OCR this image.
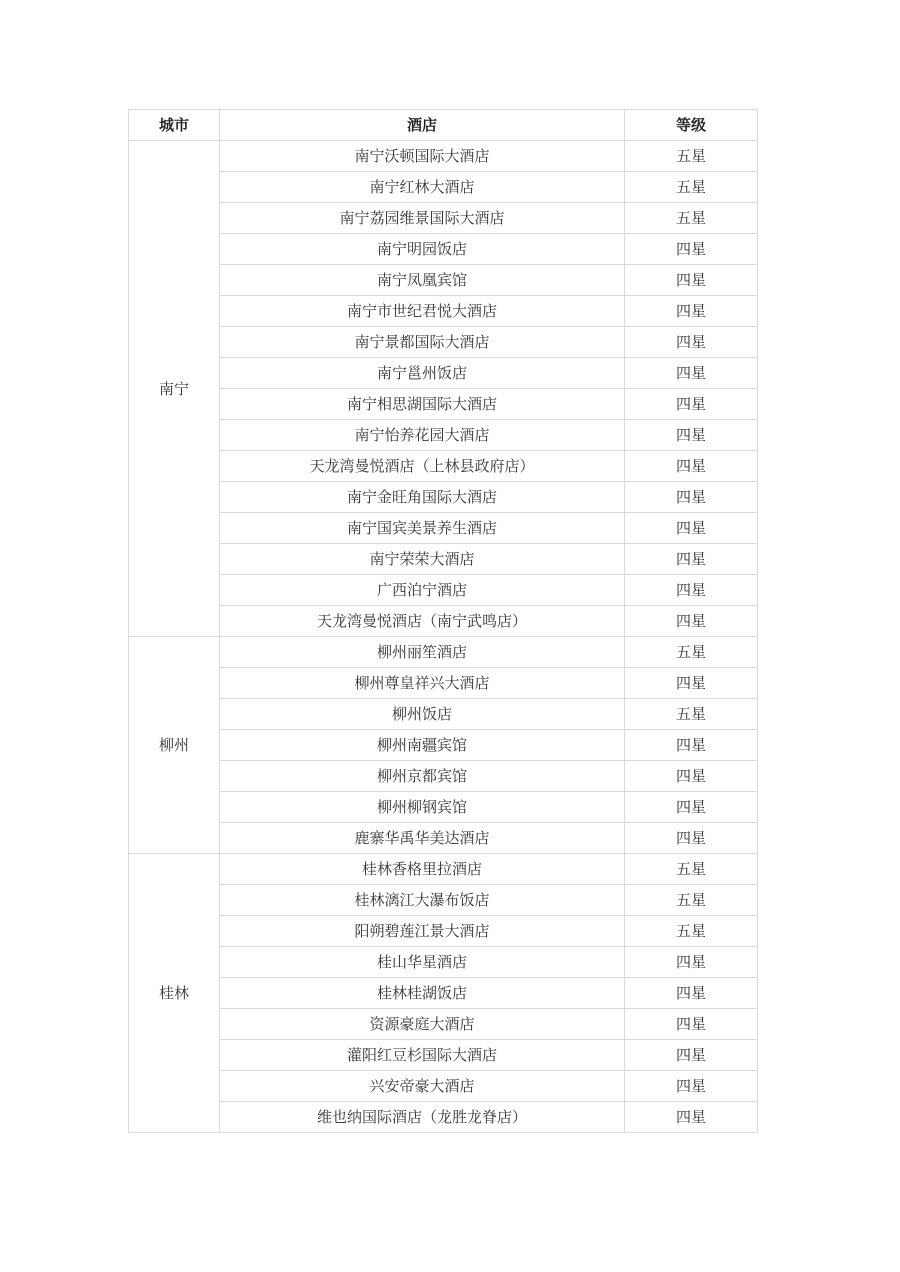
城市	酒店	等级
南宁	南宁沃顿国际大酒店	五星
	南宁红林大酒店	五星
	南宁荔园维景国际大酒店	五星
	南宁明园饭店	四星
	南宁凤凰宾馆	四星
	南宁市世纪君悦大酒店	四星
	南宁景都国际大酒店	四星
	南宁邕州饭店	四星
	南宁相思湖国际大酒店	四星
	南宁怡养花园大酒店	四星
	天龙湾曼悦酒店（上林县政府店）	四星
	南宁金旺角国际大酒店	四星
	南宁国宾美景养生酒店	四星
	南宁荣荣大酒店	四星
	广西泊宁酒店	四星
	天龙湾曼悦酒店（南宁武鸣店）	四星
柳州	柳州丽笙酒店	五星
	柳州尊皇祥兴大酒店	四星
	柳州饭店	五星
	柳州南疆宾馆	四星
	柳州京都宾馆	四星
	柳州柳钢宾馆	四星
	鹿寨华禹华美达酒店	四星
桂林	桂林香格里拉酒店	五星
	桂林漓江大瀑布饭店	五星
	阳朔碧莲江景大酒店	五星
	桂山华星酒店	四星
	桂林桂湖饭店	四星
	资源豪庭大酒店	四星
	灌阳红豆杉国际大酒店	四星
	兴安帝豪大酒店	四星
	维也纳国际酒店（龙胜龙脊店）	四星
